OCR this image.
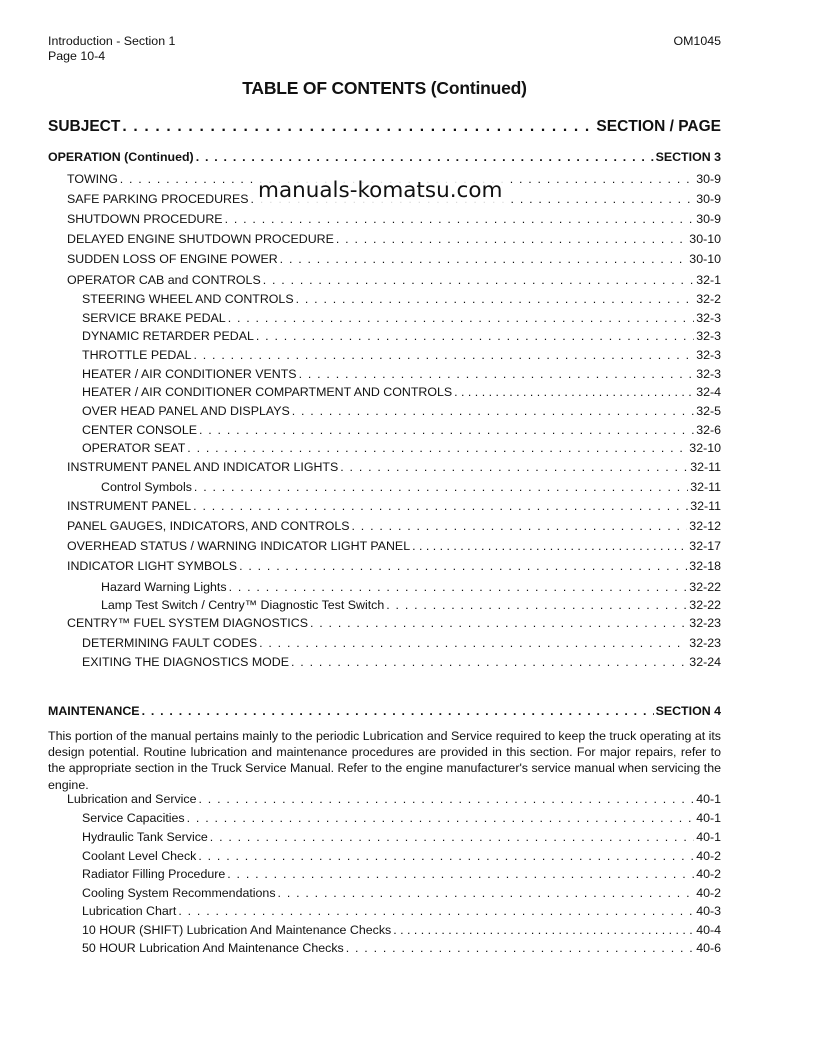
Introduction - Section 1
Page 10-4
OM1045
TABLE OF CONTENTS (Continued)
SUBJECT . . .	SECTION / PAGE
OPERATION (Continued) . . .	SECTION 3
TOWING . . .	30-9
SAFE PARKING PROCEDURES . . .	30-9
SHUTDOWN PROCEDURE . . .	30-9
DELAYED ENGINE SHUTDOWN PROCEDURE . . .	30-10
SUDDEN LOSS OF ENGINE POWER . . .	30-10
OPERATOR CAB and CONTROLS . . .	32-1
STEERING WHEEL AND CONTROLS . . .	32-2
SERVICE BRAKE PEDAL . . .	32-3
DYNAMIC RETARDER PEDAL . . .	32-3
THROTTLE PEDAL . . .	32-3
HEATER / AIR CONDITIONER VENTS . . .	32-3
HEATER / AIR CONDITIONER COMPARTMENT AND CONTROLS . . .	32-4
OVER HEAD PANEL AND DISPLAYS . . .	32-5
CENTER CONSOLE . . .	32-6
OPERATOR SEAT . . .	32-10
INSTRUMENT PANEL AND INDICATOR LIGHTS . . .	32-11
Control Symbols . . .	32-11
INSTRUMENT PANEL . . .	32-11
PANEL GAUGES, INDICATORS, AND CONTROLS . . .	32-12
OVERHEAD STATUS / WARNING INDICATOR LIGHT PANEL . . .	32-17
INDICATOR LIGHT SYMBOLS . . .	32-18
Hazard Warning Lights . . .	32-22
Lamp Test Switch / Centry™ Diagnostic Test Switch . . .	32-22
CENTRY™ FUEL SYSTEM DIAGNOSTICS . . .	32-23
DETERMINING FAULT CODES . . .	32-23
EXITING THE DIAGNOSTICS MODE . . .	32-24
MAINTENANCE . . .	SECTION 4
This portion of the manual pertains mainly to the periodic Lubrication and Service required to keep the truck operating at its design potential. Routine lubrication and maintenance procedures are provided in this section. For major repairs, refer to the appropriate section in the Truck Service Manual. Refer to the engine manufacturer's service manual when servicing the engine.
Lubrication and Service . . .	40-1
Service Capacities . . .	40-1
Hydraulic Tank Service . . .	40-1
Coolant Level Check . . .	40-2
Radiator Filling Procedure . . .	40-2
Cooling System Recommendations . . .	40-2
Lubrication Chart . . .	40-3
10 HOUR (SHIFT) Lubrication And Maintenance Checks . . .	40-4
50 HOUR Lubrication And Maintenance Checks . . .	40-6
manuals-komatsu.com
